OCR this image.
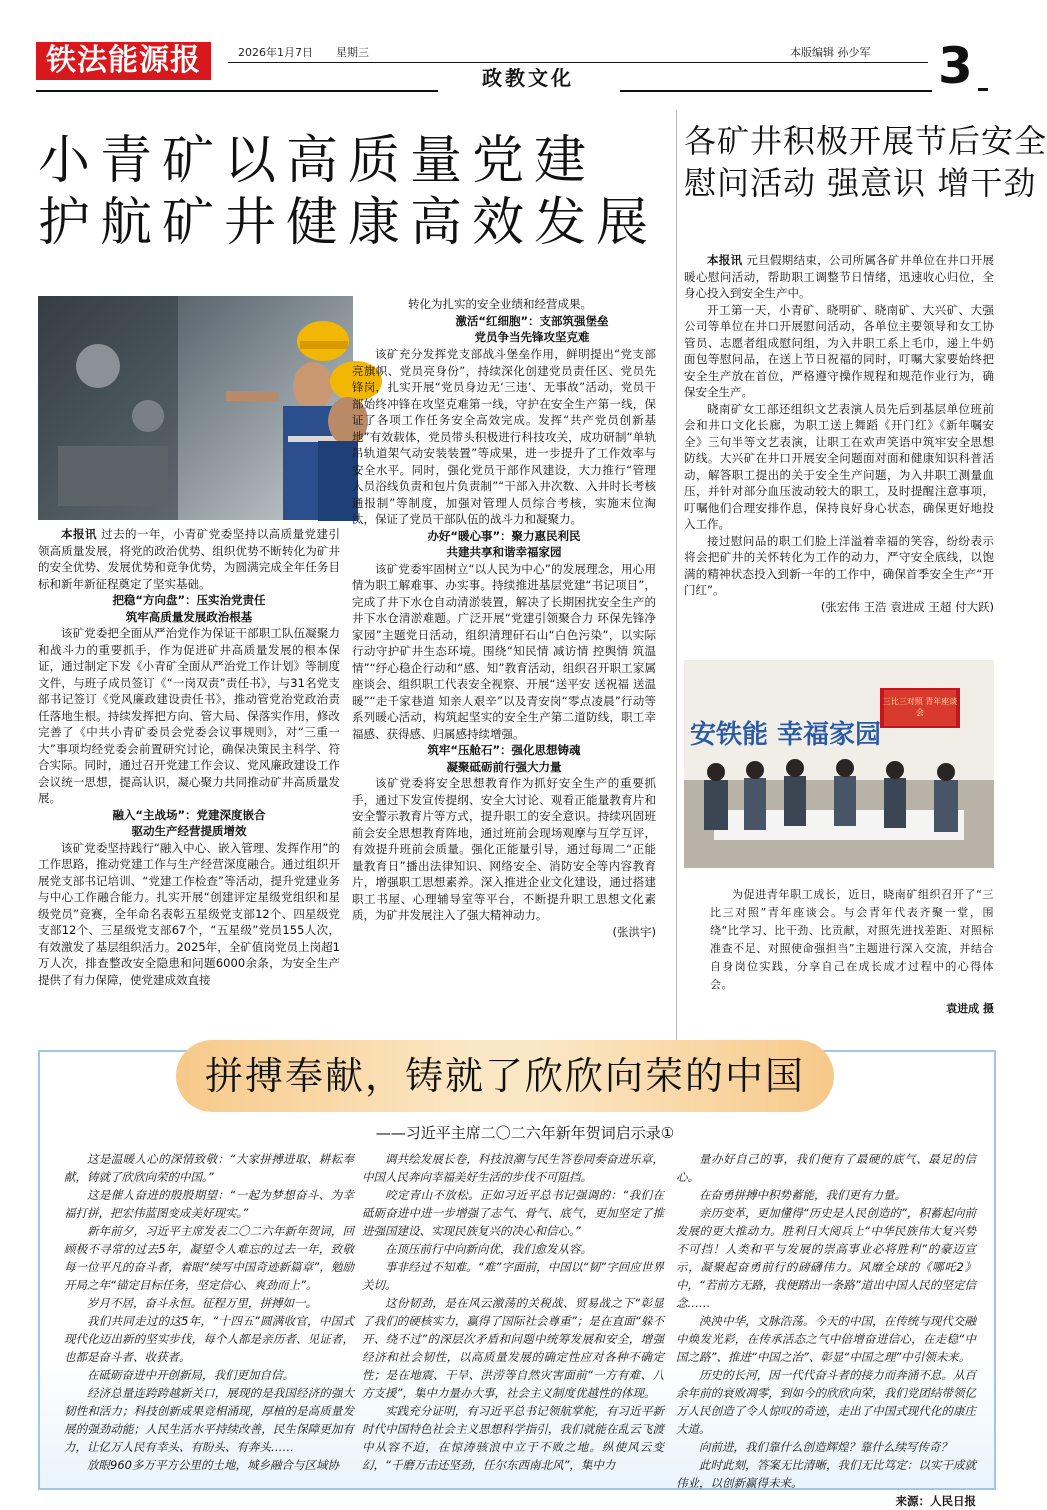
铁法能源报	2026年1月7日 星期三	本版编辑 孙少军
政教文化	3
小青矿以高质量党建
护航矿井健康高效发展
各矿井积极开展节后安全
慰问活动 强意识 增干劲

本报讯 过去的一年，小青矿党委坚持以高质量党建引领高质量发展，将党的政治优势、组织优势不断转化为矿井的安全优势、发展优势和竞争优势，为圆满完成全年任务目标和新年新征程奠定了坚实基础。

把稳“方向盘”：压实治党责任

筑牢高质量发展政治根基

该矿党委把全面从严治党作为保证干部职工队伍凝聚力和战斗力的重要抓手，作为促进矿井高质量发展的根本保证，通过制定下发《小青矿全面从严治党工作计划》等制度文件，与班子成员签订《“一岗双责”责任书》，与31名党支部书记签订《党风廉政建设责任书》，推动管党治党政治责任落地生根。持续发挥把方向、管大局、保落实作用，修改完善了《中共小青矿委员会党委会议事规则》，对“三重一大”事项均经党委会前置研究讨论，确保决策民主科学、符合实际。同时，通过召开党建工作会议、党风廉政建设工作会议统一思想，提高认识，凝心聚力共同推动矿井高质量发展。

融入“主战场”：党建深度嵌合

驱动生产经营提质增效

该矿党委坚持践行“融入中心、嵌入管理、发挥作用”的工作思路，推动党建工作与生产经营深度融合。通过组织开展党支部书记培训、“党建工作检查”等活动，提升党建业务与中心工作融合能力。扎实开展“创建评定星级党组织和星级党员”竞赛，全年命名表彰五星级党支部12个、四星级党支部12个、三星级党支部67个，“五星级”党员155人次，有效激发了基层组织活力。2025年，全矿值岗党员上岗超1万人次，排查整改安全隐患和问题6000余条，为安全生产提供了有力保障，使党建成效直接

转化为扎实的安全业绩和经营成果。

激活“红细胞”：支部筑强堡垒

党员争当先锋攻坚克难

该矿充分发挥党支部战斗堡垒作用，鲜明提出“党支部亮旗帜、党员亮身份”，持续深化创建党员责任区、党员先锋岗，扎实开展“党员身边无‘三违’、无事故”活动，党员干部始终冲锋在攻坚克难第一线，守护在安全生产第一线，保证了各项工作任务安全高效完成。发挥“共产党员创新基地”有效载体，党员带头积极进行科技攻关，成功研制“单轨吊轨道架气动安装装置”等成果，进一步提升了工作效率与安全水平。同时，强化党员干部作风建设，大力推行“管理人员浴线负责和包片负责制”“干部入井次数、入井时长考核通报制”等制度，加强对管理人员综合考核，实施末位淘汰，保证了党员干部队伍的战斗力和凝聚力。

办好“暖心事”：聚力惠民利民

共建共享和谐幸福家园

该矿党委牢固树立“以人民为中心”的发展理念，用心用情为职工解难事、办实事。持续推进基层党建“书记项目”，完成了井下水仓自动清淤装置，解决了长期困扰安全生产的井下水仓清淤难题。广泛开展“党建引领聚合力 环保先锋净家园”主题党日活动，组织清理矸石山“白色污染”，以实际行动守护矿井生态环境。围绕“知民情 减访情 控舆情 筑温情”“纾心稳企行动和“感、知”教育活动，组织召开职工家属座谈会、组织职工代表安全视察、开展“送平安 送祝福 送温暖”“走千家巷道 知亲人艰辛”以及青安岗“零点凌晨”行动等系列暖心活动，构筑起坚实的安全生产第二道防线，职工幸福感、获得感、归属感持续增强。

筑牢“压舱石”：强化思想铸魂

凝聚砥砺前行强大力量

该矿党委将安全思想教育作为抓好安全生产的重要抓手，通过下发宣传提纲、安全大讨论、观看正能量教育片和安全警示教育片等方式，提升职工的安全意识。持续巩固班前会安全思想教育阵地，通过班前会现场观摩与互学互评，有效提升班前会质量。强化正能量引导，通过每周二“正能量教育日”播出法律知识、网络安全、消防安全等内容教育片，增强职工思想素养。深入推进企业文化建设，通过搭建职工书屋、心理辅导室等平台，不断提升职工思想文化素质，为矿井发展注入了强大精神动力。

(张洪宇)

本报讯 元旦假期结束，公司所属各矿井单位在井口开展暖心慰问活动，帮助职工调整节日情绪，迅速收心归位，全身心投入到安全生产中。

开工第一天，小青矿、晓明矿、晓南矿、大兴矿、大强公司等单位在井口开展慰问活动，各单位主要领导和女工协管员、志愿者组成慰问组，为入井职工系上毛巾，递上牛奶面包等慰问品，在送上节日祝福的同时，叮嘱大家要始终把安全生产放在首位，严格遵守操作规程和规范作业行为，确保安全生产。

晓南矿女工部还组织文艺表演人员先后到基层单位班前会和井口文化长廊，为职工送上舞蹈《开门红》《新年嘱安全》三句半等文艺表演，让职工在欢声笑语中筑牢安全思想防线。大兴矿在井口开展安全问题面对面和健康知识科普活动，解答职工提出的关于安全生产问题，为入井职工测量血压，并针对部分血压波动较大的职工，及时提醒注意事项，叮嘱他们合理安排作息，保持良好身心状态，确保更好地投入工作。

接过慰问品的职工们脸上洋溢着幸福的笑容，纷纷表示将会把矿井的关怀转化为工作的动力，严守安全底线，以饱满的精神状态投入到新一年的工作中，确保首季安全生产“开门红”。

(张宏伟 王浩 袁进成 王超 付大跃)

安铁能 幸福家园
三比三对照 青年座谈会
为促进青年职工成长，近日，晓南矿组织召开了“三比三对照”青年座谈会。与会青年代表齐聚一堂，围绕“比学习、比干劲、比贡献，对照先进找差距、对照标准查不足、对照使命强担当”主题进行深入交流，并结合自身岗位实践，分享自己在成长成才过程中的心得体会。
袁进成 摄
拼搏奉献，铸就了欣欣向荣的中国
——习近平主席二〇二六年新年贺词启示录①

这是温暖人心的深情致敬：“大家拼搏进取、耕耘奉献，铸就了欣欣向荣的中国。”

这是催人奋进的殷殷期望：“一起为梦想奋斗、为幸福打拼，把宏伟蓝图变成美好现实。”

新年前夕，习近平主席发表二〇二六年新年贺词，回顾极不寻常的过去5年，凝望令人难忘的过去一年，致敬每一位平凡的奋斗者，着眼“续写中国奇迹新篇章”，勉励开局之年“锚定目标任务，坚定信心、爽劲而上”。

岁月不居，奋斗永恒。征程万里，拼搏如一。

我们共同走过的这5年，“十四五”圆满收官，中国式现代化迈出新的坚实步伐，每个人都是亲历者、见证者，也都是奋斗者、收获者。

在砥砺奋进中开创新局，我们更加自信。

经济总量连跨跨越新关口，展现的是我国经济的强大韧性和活力；科技创新成果竞相涌现，厚植的是高质量发展的强劲动能；人民生活水平持续改善，民生保障更加有力，让亿万人民有幸头、有盼头、有奔头……

放眼960多万平方公里的土地，城乡融合与区域协

调共绘发展长卷，科技浪潮与民生答卷同奏奋进乐章，中国人民奔向幸福美好生活的步伐不可阻挡。

咬定青山不放松。正如习近平总书记强调的：“我们在砥砺奋进中进一步增强了志气、骨气、底气，更加坚定了推进强国建设、实现民族复兴的决心和信心。”

在顶压前行中向新向优，我们愈发从容。

事非经过不知难。“难”字面前，中国以“韧”字回应世界关切。

这份韧劲，是在风云激荡的关税战、贸易战之下“彰显了我们的硬核实力，赢得了国际社会尊重”；是在直面“躲不开、绕不过”的深层次矛盾和问题中统筹发展和安全，增强经济和社会韧性，以高质量发展的确定性应对各种不确定性；是在地震、干旱、洪涝等自然灾害面前“一方有难、八方支援”，集中力量办大事，社会主义制度优越性的体现。

实践充分证明，有习近平总书记领航掌舵，有习近平新时代中国特色社会主义思想科学指引，我们就能在乱云飞渡中从容不迫，在惊涛骇浪中立于不败之地。纵使风云变幻，“千磨万击还坚劲，任尔东西南北风”，集中力

量办好自己的事，我们便有了最硬的底气、最足的信心。

在奋勇拼搏中积势蓄能，我们更有力量。

亲历变革，更加懂得“历史是人民创造的”，积蓄起向前发展的更大推动力。胜利日大阅兵上“中华民族伟大复兴势不可挡！人类和平与发展的崇高事业必将胜利”的豪迈宣示，凝聚起奋勇前行的磅礴伟力。风靡全球的《哪吒2》中，“若前方无路，我便踏出一条路”道出中国人民的坚定信念……

泱泱中华，文脉浩荡。今天的中国，在传统与现代交融中焕发光彩，在传承活态之气中倍增奋进信心，在走稳“中国之路”、推进“中国之治”、彰显“中国之理”中引领未来。

历史的长河，因一代代奋斗者的接力而奔涌不息。从百余年前的衰败凋零，到如今的欣欣向荣，我们党团结带领亿万人民创造了令人惊叹的奇迹，走出了中国式现代化的康庄大道。

向前进，我们靠什么创造辉煌？靠什么续写传奇？

此时此刻，答案无比清晰，我们无比笃定：以实干成就伟业，以创新赢得未来。

来源：人民日报
